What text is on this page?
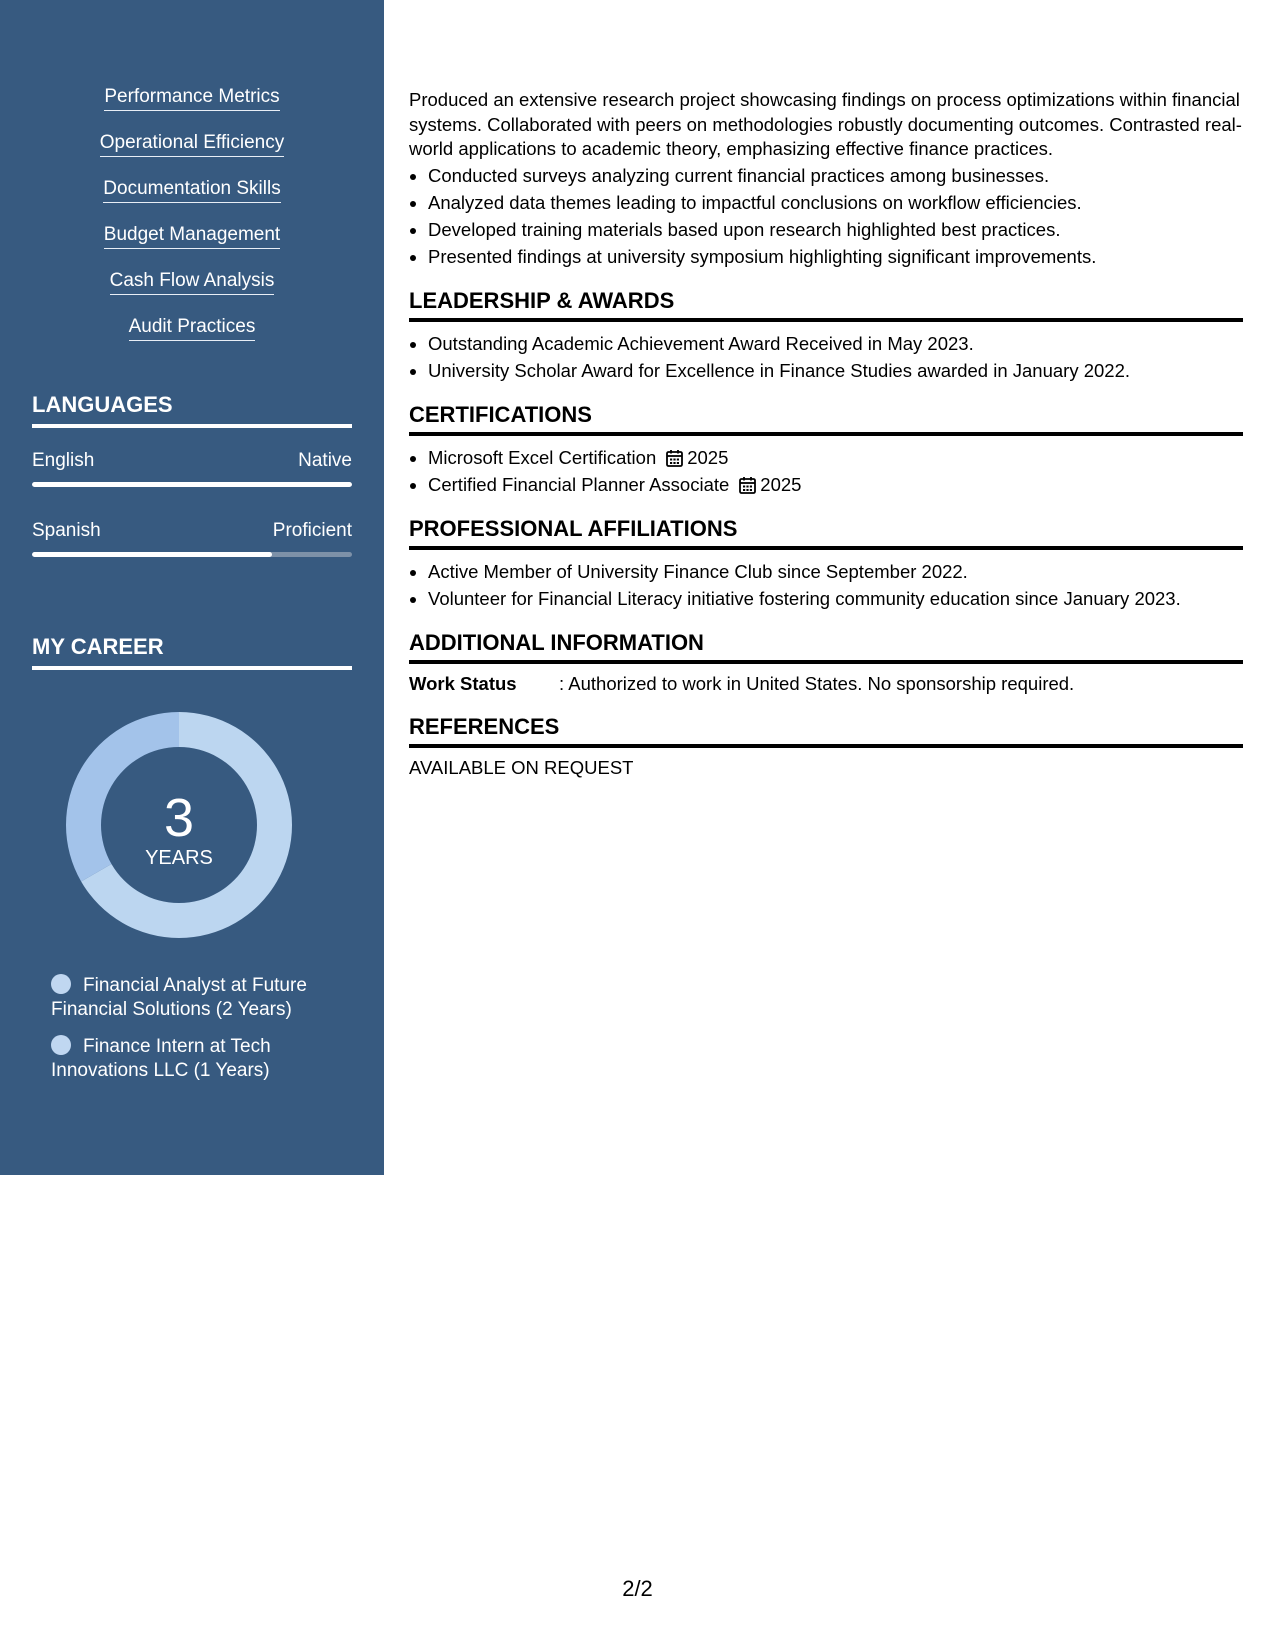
Performance Metrics
Operational Efficiency
Documentation Skills
Budget Management
Cash Flow Analysis
Audit Practices
LANGUAGES
English	Native
Spanish	Proficient
MY CAREER
3
YEARS
Financial Analyst at Future Financial Solutions (2 Years)
Finance Intern at Tech Innovations LLC (1 Years)

Produced an extensive research project showcasing findings on process optimizations within financial systems. Collaborated with peers on methodologies robustly documenting outcomes. Contrasted real-world applications to academic theory, emphasizing effective finance practices.

• Conducted surveys analyzing current financial practices among businesses.
• Analyzed data themes leading to impactful conclusions on workflow efficiencies.
• Developed training materials based upon research highlighted best practices.
• Presented findings at university symposium highlighting significant improvements.
LEADERSHIP & AWARDS
• Outstanding Academic Achievement Award Received in May 2023.
• University Scholar Award for Excellence in Finance Studies awarded in January 2022.
CERTIFICATIONS
• Microsoft Excel Certification 2025
• Certified Financial Planner Associate 2025
PROFESSIONAL AFFILIATIONS
• Active Member of University Finance Club since September 2022.
• Volunteer for Financial Literacy initiative fostering community education since January 2023.
ADDITIONAL INFORMATION
Work Status : Authorized to work in United States. No sponsorship required.
REFERENCES
AVAILABLE ON REQUEST
2/2
